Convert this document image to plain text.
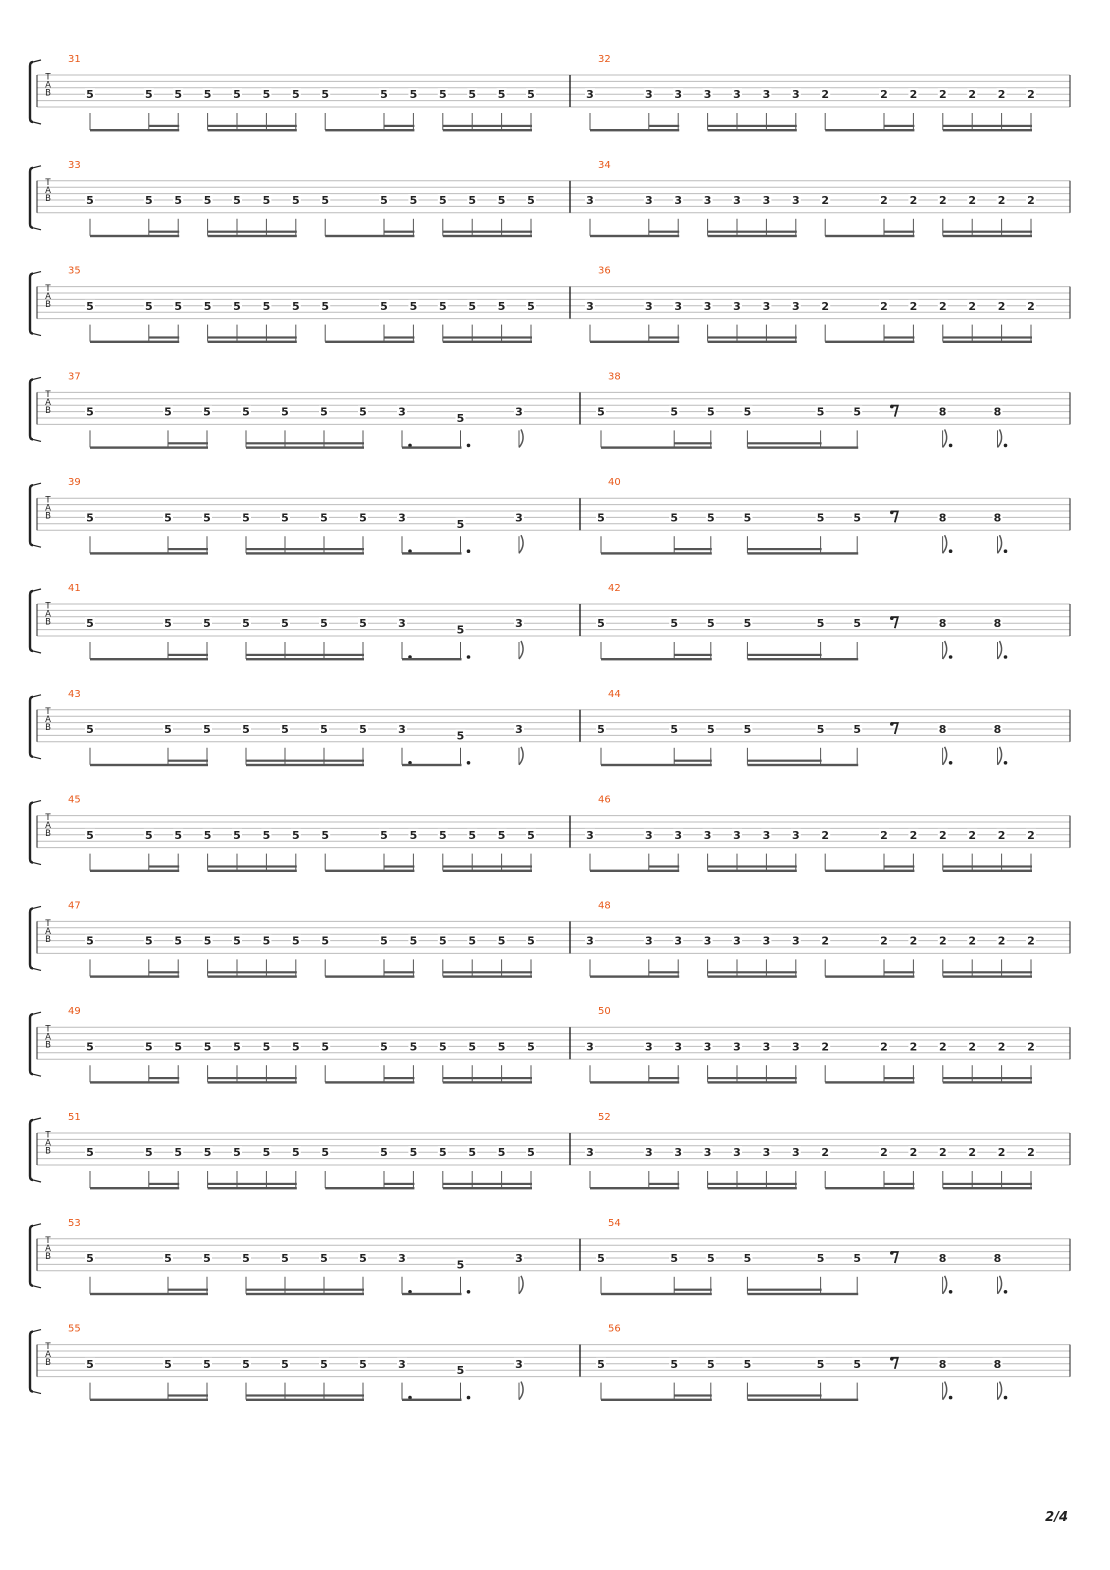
T
A
B
31
5	5 5 5 5 5 5 5	5 5 5 5 5 5
32
3	3 3 3 3 3 3 2	2 2 2 2 2 2
T
A
B
33
5	5 5 5 5 5 5 5	5 5 5 5 5 5
34
3	3 3 3 3 3 3 2	2 2 2 2 2 2
T
A
B
35
5	5 5 5 5 5 5 5	5 5 5 5 5 5
36
3	3 3 3 3 3 3 2	2 2 2 2 2 2
T
A
B
37
5	5	5	5	5	5	5	3	5	3
38
5	5	5	5	5	5	8	8
T
A
B
39
5	5	5	5	5	5	5	3	5	3
40
5	5	5	5	5	5	8	8
T
A
B
41
5	5	5	5	5	5	5	3	5	3
42
5	5	5	5	5	5	8	8
T
A
B
43
5	5	5	5	5	5	5	3	5	3
44
5	5	5	5	5	5	8	8
T
A
B
45
5	5 5 5 5 5 5 5	5 5 5 5 5 5
46
3	3 3 3 3 3 3 2	2 2 2 2 2 2
T
A
B
47
5	5 5 5 5 5 5 5	5 5 5 5 5 5
48
3	3 3 3 3 3 3 2	2 2 2 2 2 2
T
A
B
49
5	5 5 5 5 5 5 5	5 5 5 5 5 5
50
3	3 3 3 3 3 3 2	2 2 2 2 2 2
T
A
B
51
5	5 5 5 5 5 5 5	5 5 5 5 5 5
52
3	3 3 3 3 3 3 2	2 2 2 2 2 2
T
A
B
53
5	5	5	5	5	5	5	3	5	3
54
5	5	5	5	5	5	8	8
T
A
B
55
5	5	5	5	5	5	5	3	5	3
56
5	5	5	5	5	5	8	8
2/4
